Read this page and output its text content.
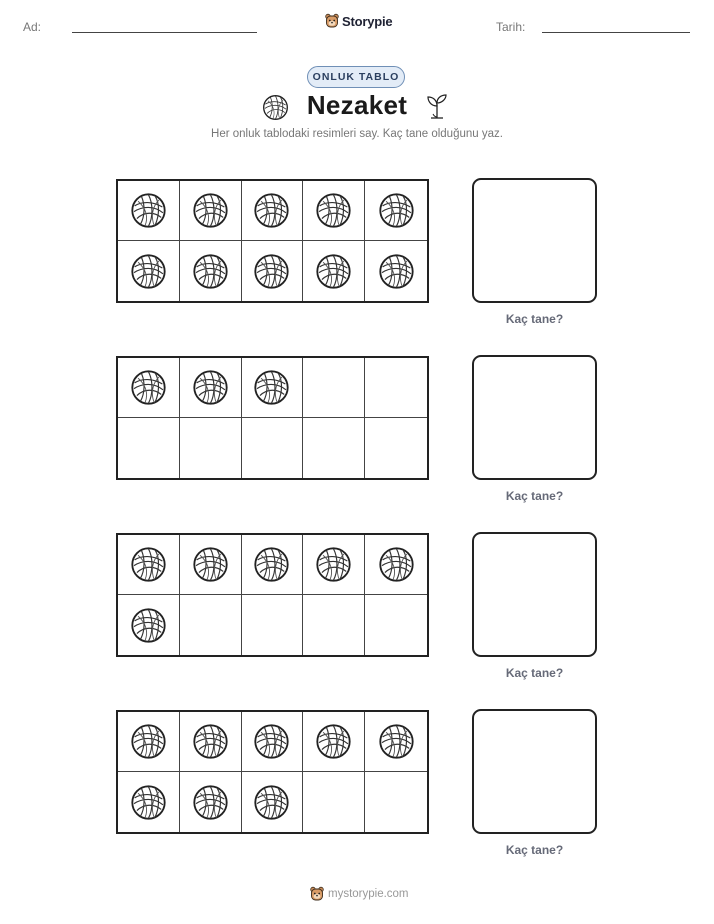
Ad:	Storypie	Tarih:
ONLUK TABLO
Nezaket
Her onluk tablodaki resimleri say. Kaç tane olduğunu yaz.
Kaç tane?
Kaç tane?
Kaç tane?
Kaç tane?
mystorypie.com
